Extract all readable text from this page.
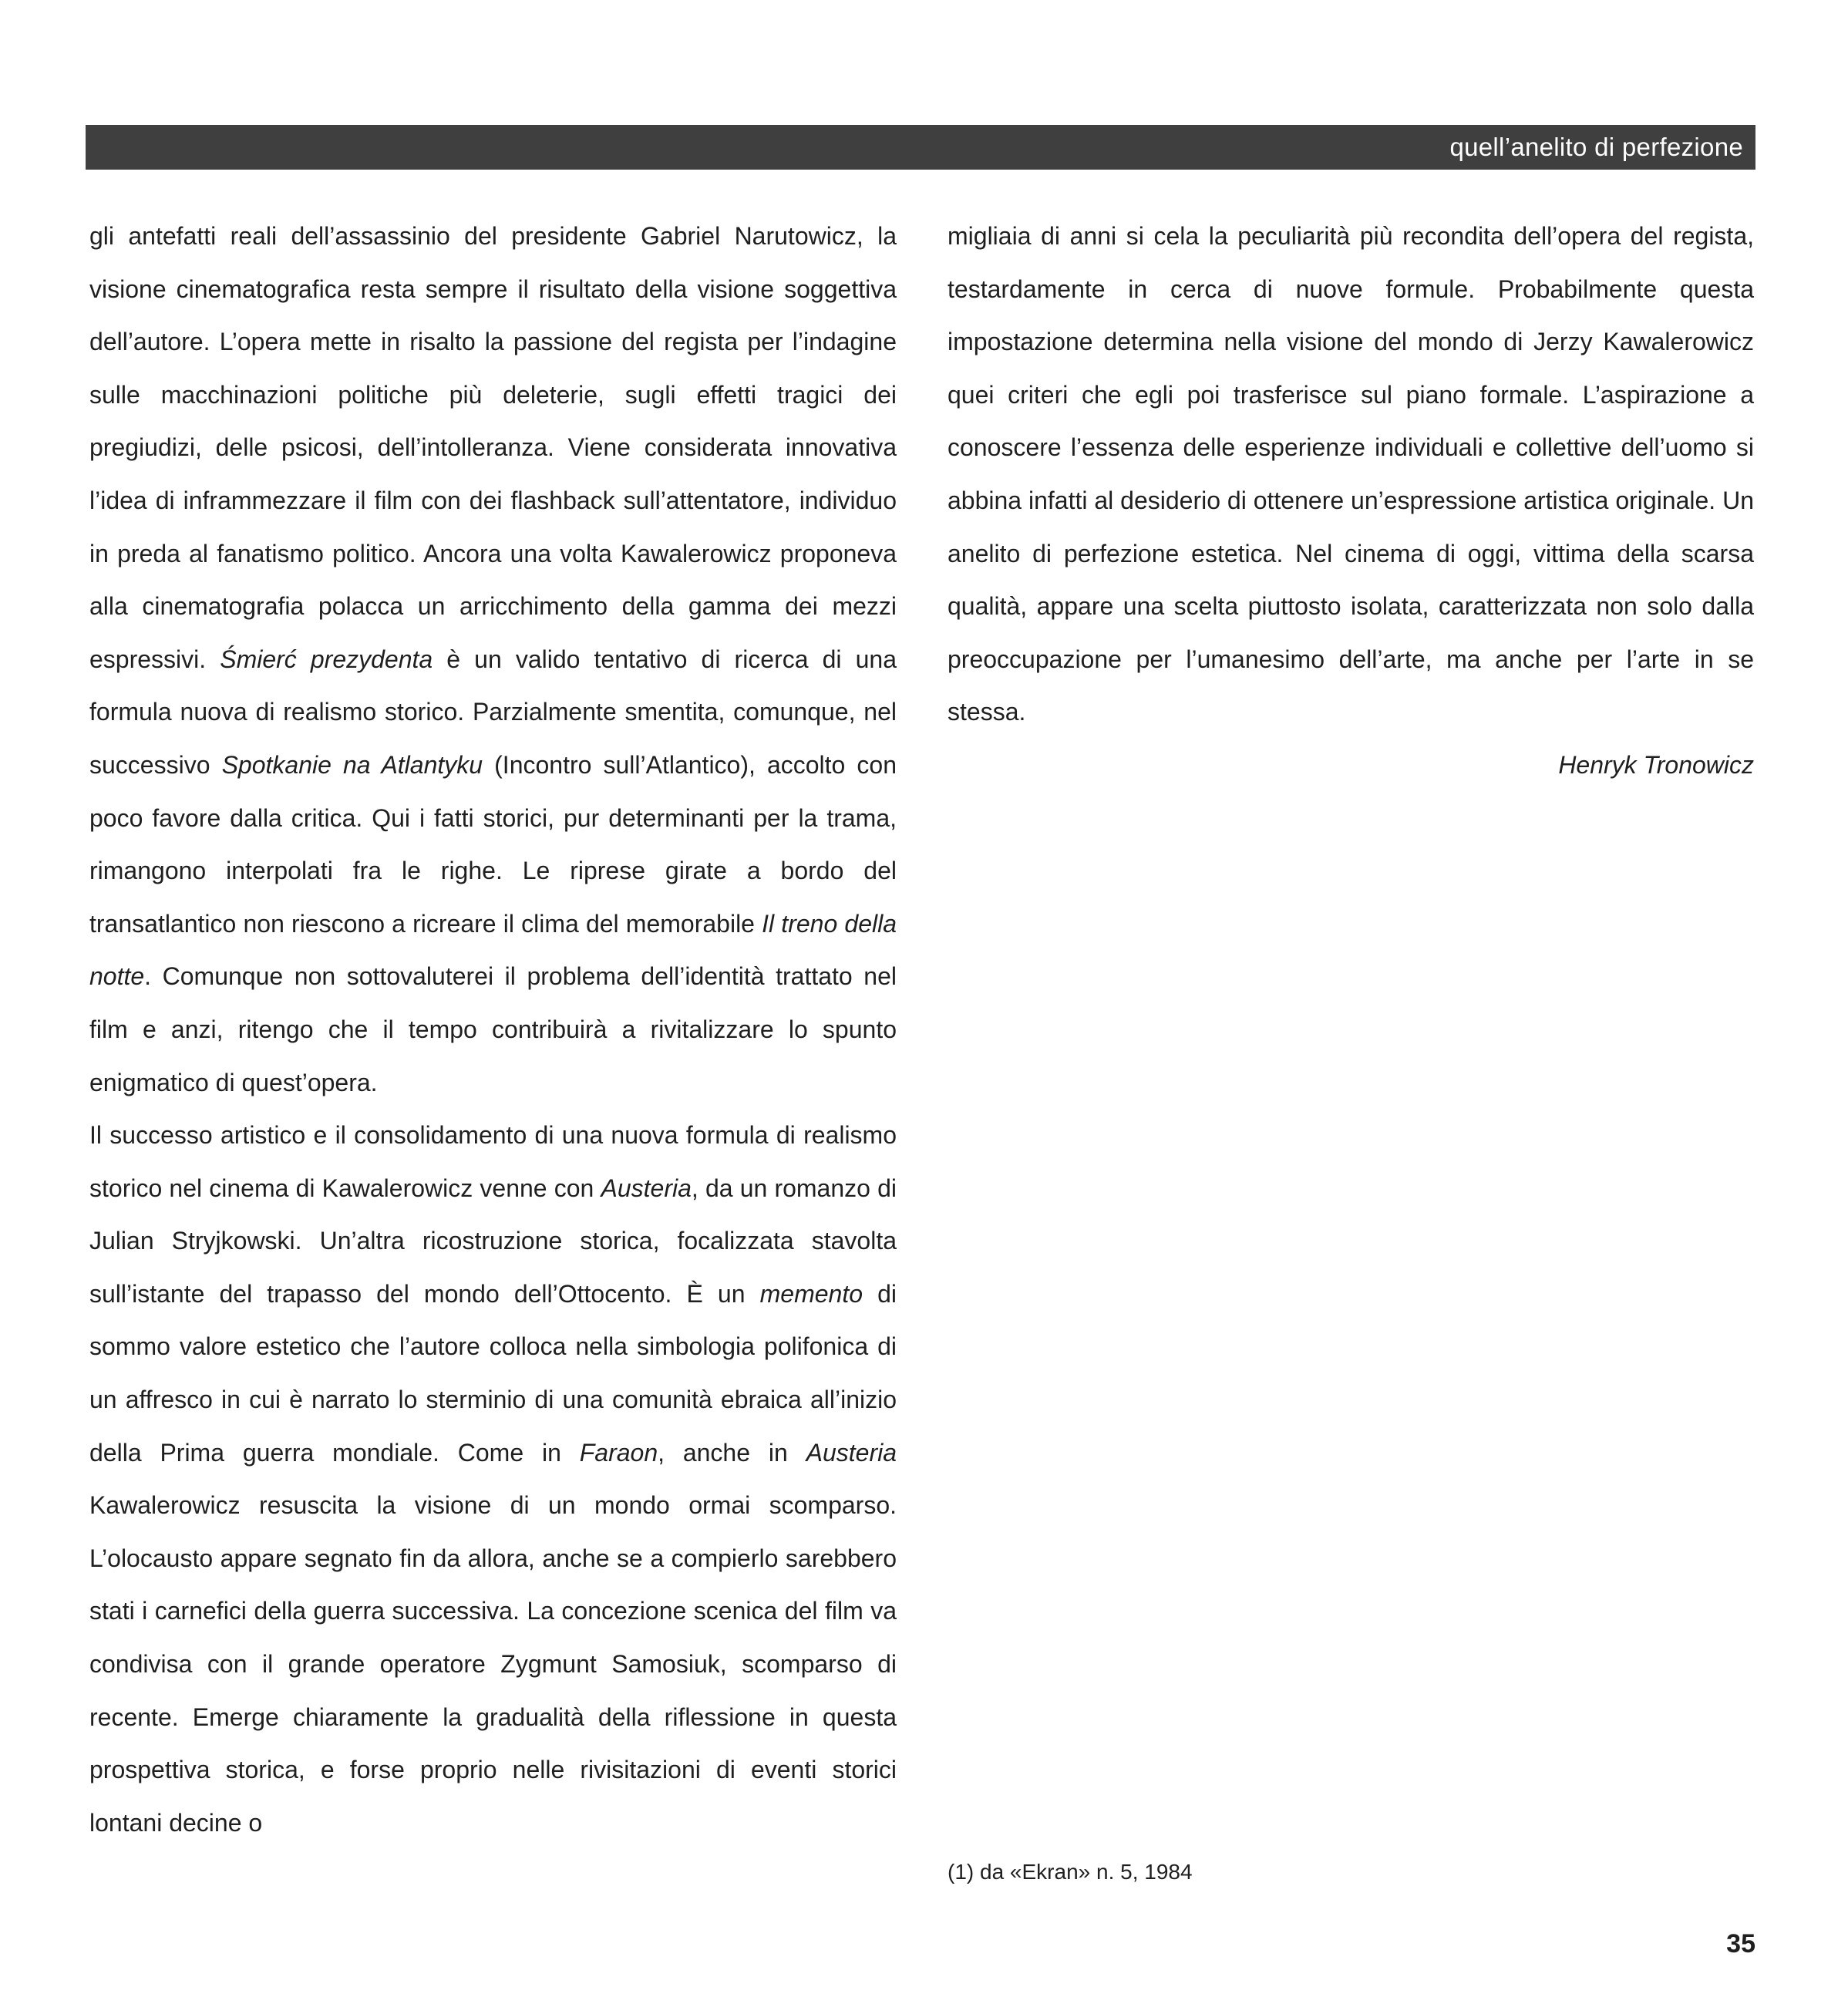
quell’anelito di perfezione

gli antefatti reali dell’assassinio del presidente Gabriel Narutowicz, la visione cinematografica resta sempre il risultato della visione soggettiva dell’autore. L’opera mette in risalto la passione del regista per l’indagine sulle macchinazioni politiche più deleterie, sugli effetti tragici dei pregiudizi, delle psicosi, dell’intolleranza. Viene considerata innovativa l’idea di inframmezzare il film con dei flashback sull’attentatore, individuo in preda al fanatismo politico. Ancora una volta Kawalerowicz proponeva alla cinematografia polacca un arricchimento della gamma dei mezzi espressivi. Śmierć prezydenta è un valido tentativo di ricerca di una formula nuova di realismo storico. Parzialmente smentita, comunque, nel successivo Spotkanie na Atlantyku (Incontro sull’Atlantico), accolto con poco favore dalla critica. Qui i fatti storici, pur determinanti per la trama, rimangono interpolati fra le righe. Le riprese girate a bordo del transatlantico non riescono a ricreare il clima del memorabile Il treno della notte. Comunque non sottovaluterei il problema dell’identità trattato nel film e anzi, ritengo che il tempo contribuirà a rivitalizzare lo spunto enigmatico di quest’opera.

Il successo artistico e il consolidamento di una nuova formula di realismo storico nel cinema di Kawalerowicz venne con Austeria, da un romanzo di Julian Stryjkowski. Un’altra ricostruzione storica, focalizzata stavolta sull’istante del trapasso del mondo dell’Ottocento. È un memento di sommo valore estetico che l’autore colloca nella simbologia polifonica di un affresco in cui è narrato lo sterminio di una comunità ebraica all’inizio della Prima guerra mondiale. Come in Faraon, anche in Austeria Kawalerowicz resuscita la visione di un mondo ormai scomparso. L’olocausto appare segnato fin da allora, anche se a compierlo sarebbero stati i carnefici della guerra successiva. La concezione scenica del film va condivisa con il grande operatore Zygmunt Samosiuk, scomparso di recente. Emerge chiaramente la gradualità della riflessione in questa prospettiva storica, e forse proprio nelle rivisitazioni di eventi storici lontani decine o

migliaia di anni si cela la peculiarità più recondita dell’opera del regista, testardamente in cerca di nuove formule. Probabilmente questa impostazione determina nella visione del mondo di Jerzy Kawalerowicz quei criteri che egli poi trasferisce sul piano formale. L’aspirazione a conoscere l’essenza delle esperienze individuali e collettive dell’uomo si abbina infatti al desiderio di ottenere un’espressione artistica originale. Un anelito di perfezione estetica. Nel cinema di oggi, vittima della scarsa qualità, appare una scelta piuttosto isolata, caratterizzata non solo dalla preoccupazione per l’umanesimo dell’arte, ma anche per l’arte in se stessa.

Henryk Tronowicz

(1) da «Ekran» n. 5, 1984

35
